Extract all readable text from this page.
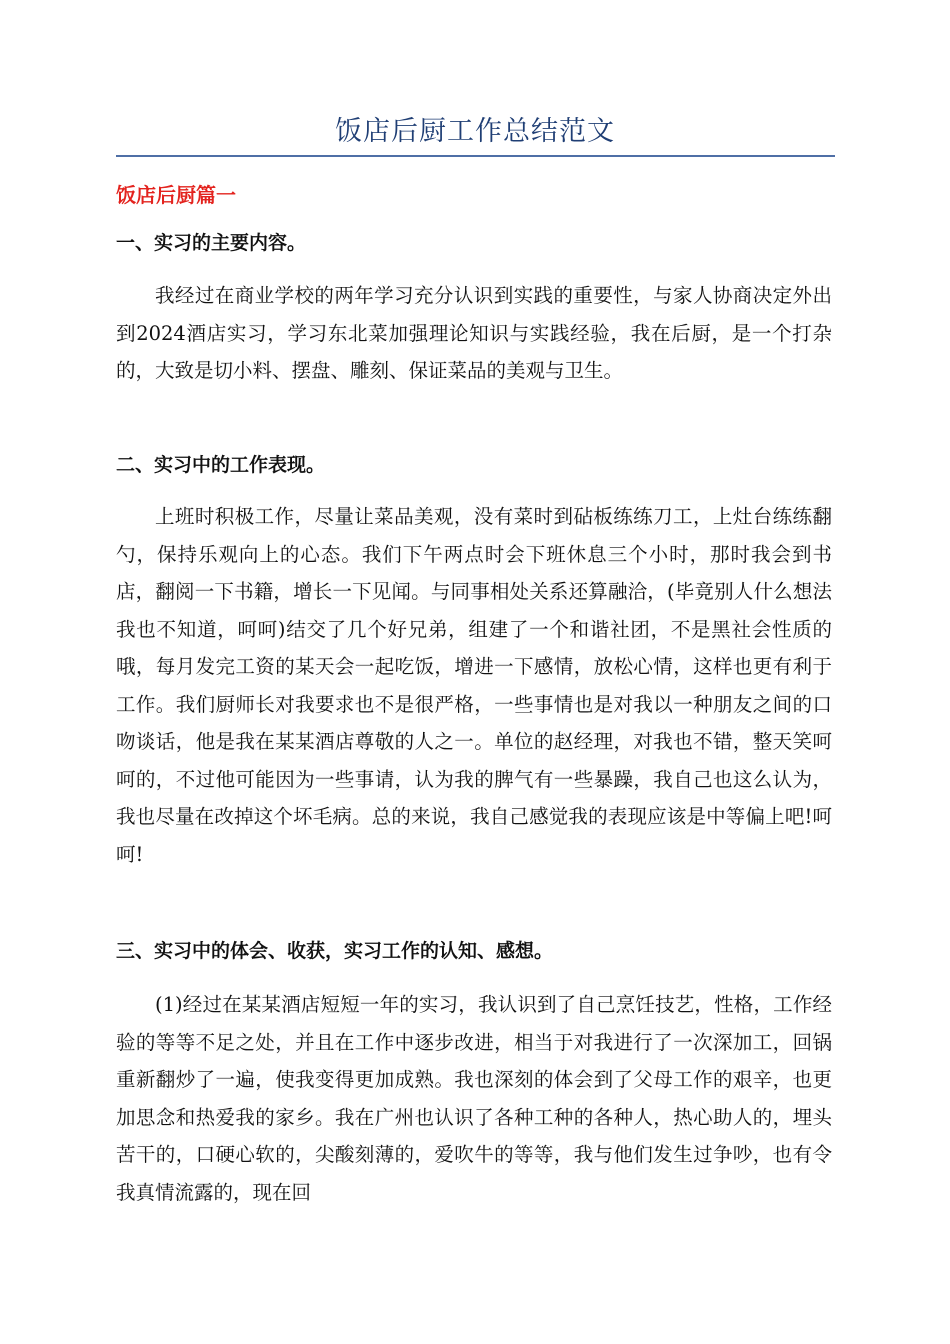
饭店后厨工作总结范文
饭店后厨篇一
一、实习的主要内容。

我经过在商业学校的两年学习充分认识到实践的重要性，与家人协商决定外出到2024酒店实习，学习东北菜加强理论知识与实践经验，我在后厨，是一个打杂的，大致是切小料、摆盘、雕刻、保证菜品的美观与卫生。

二、实习中的工作表现。

上班时积极工作，尽量让菜品美观，没有菜时到砧板练练刀工，上灶台练练翻勺，保持乐观向上的心态。我们下午两点时会下班休息三个小时，那时我会到书店，翻阅一下书籍，增长一下见闻。与同事相处关系还算融洽，(毕竟别人什么想法我也不知道，呵呵)结交了几个好兄弟，组建了一个和谐社团，不是黑社会性质的哦，每月发完工资的某天会一起吃饭，增进一下感情，放松心情，这样也更有利于工作。我们厨师长对我要求也不是很严格，一些事情也是对我以一种朋友之间的口吻谈话，他是我在某某酒店尊敬的人之一。单位的赵经理，对我也不错，整天笑呵呵的，不过他可能因为一些事请，认为我的脾气有一些暴躁，我自己也这么认为，我也尽量在改掉这个坏毛病。总的来说，我自己感觉我的表现应该是中等偏上吧!呵呵!

三、实习中的体会、收获，实习工作的认知、感想。

(1)经过在某某酒店短短一年的实习，我认识到了自己烹饪技艺，性格，工作经验的等等不足之处，并且在工作中逐步改进，相当于对我进行了一次深加工，回锅重新翻炒了一遍，使我变得更加成熟。我也深刻的体会到了父母工作的艰辛，也更加思念和热爱我的家乡。我在广州也认识了各种工种的各种人，热心助人的，埋头苦干的，口硬心软的，尖酸刻薄的，爱吹牛的等等，我与他们发生过争吵，也有令我真情流露的，现在回
